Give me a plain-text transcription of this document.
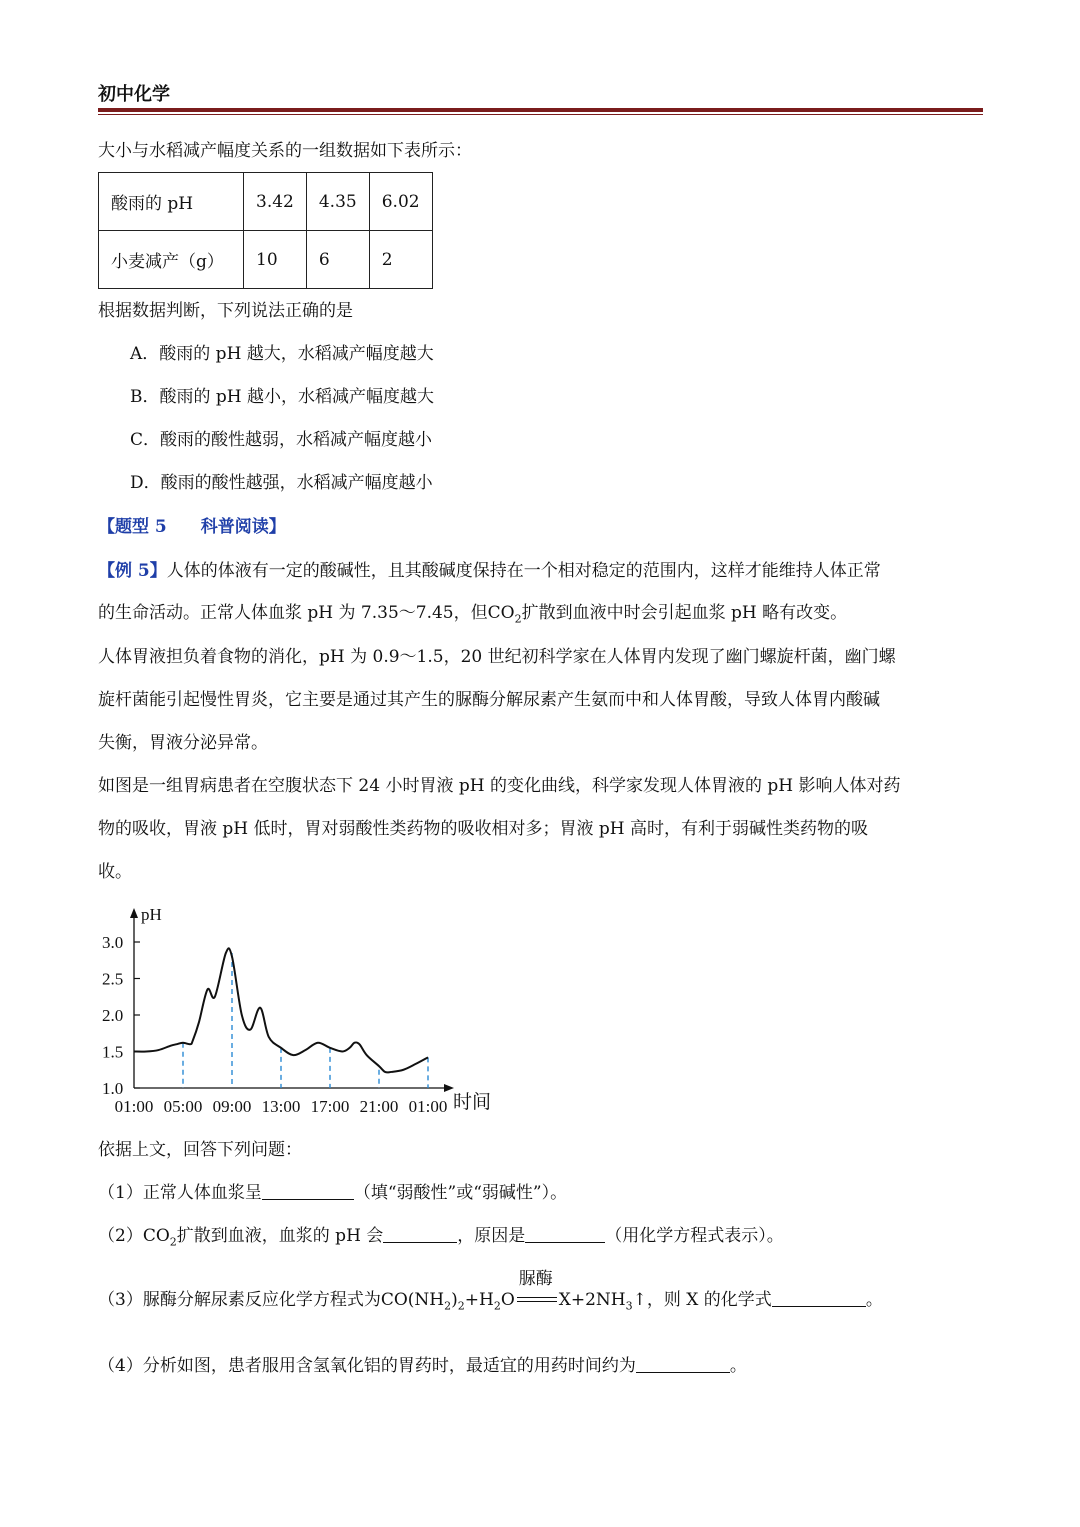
初中化学
大小与水稻减产幅度关系的一组数据如下表所示：
酸雨的 pH	3.42	4.35	6.02
小麦减产（g）	10	6	2
根据数据判断，下列说法正确的是
A．酸雨的 pH 越大，水稻减产幅度越大
B．酸雨的 pH 越小，水稻减产幅度越大
C．酸雨的酸性越弱，水稻减产幅度越小
D．酸雨的酸性越强，水稻减产幅度越小
【题型 5　　科普阅读】
【例 5】人体的体液有一定的酸碱性，且其酸碱度保持在一个相对稳定的范围内，这样才能维持人体正常
的生命活动。正常人体血浆 pH 为 7.35～7.45，但$CO_2$扩散到血液中时会引起血浆 pH 略有改变。
人体胃液担负着食物的消化，pH 为 0.9～1.5，20 世纪初科学家在人体胃内发现了幽门螺旋杆菌，幽门螺
旋杆菌能引起慢性胃炎，它主要是通过其产生的脲酶分解尿素产生氨而中和人体胃酸，导致人体胃内酸碱
失衡，胃液分泌异常。
如图是一组胃病患者在空腹状态下 24 小时胃液 pH 的变化曲线，科学家发现人体胃液的 pH 影响人体对药
物的吸收，胃液 pH 低时，胃对弱酸性类药物的吸收相对多；胃液 pH 高时，有利于弱碱性类药物的吸
收。
1.0
1.5
2.0
2.5
3.0
pH
01:00 05:00 09:00 13:00 17:00 21:00 01:00 时间
依据上文，回答下列问题：
（1）正常人体血浆呈	（填“弱酸性”或“弱碱性”）。
$(2)CO_2$扩散到血液，血浆的 pH 会	，原因是	（用化学方程式表示）。
（3）脲酶分解尿素反应化学方程式为$CO(NH_2)_2+H_2O$
脲酶
$X+2NH_3↑$，则 X 的化学式	。
（4）分析如图，患者服用含氢氧化铝的胃药时，最适宜的用药时间约为	。
